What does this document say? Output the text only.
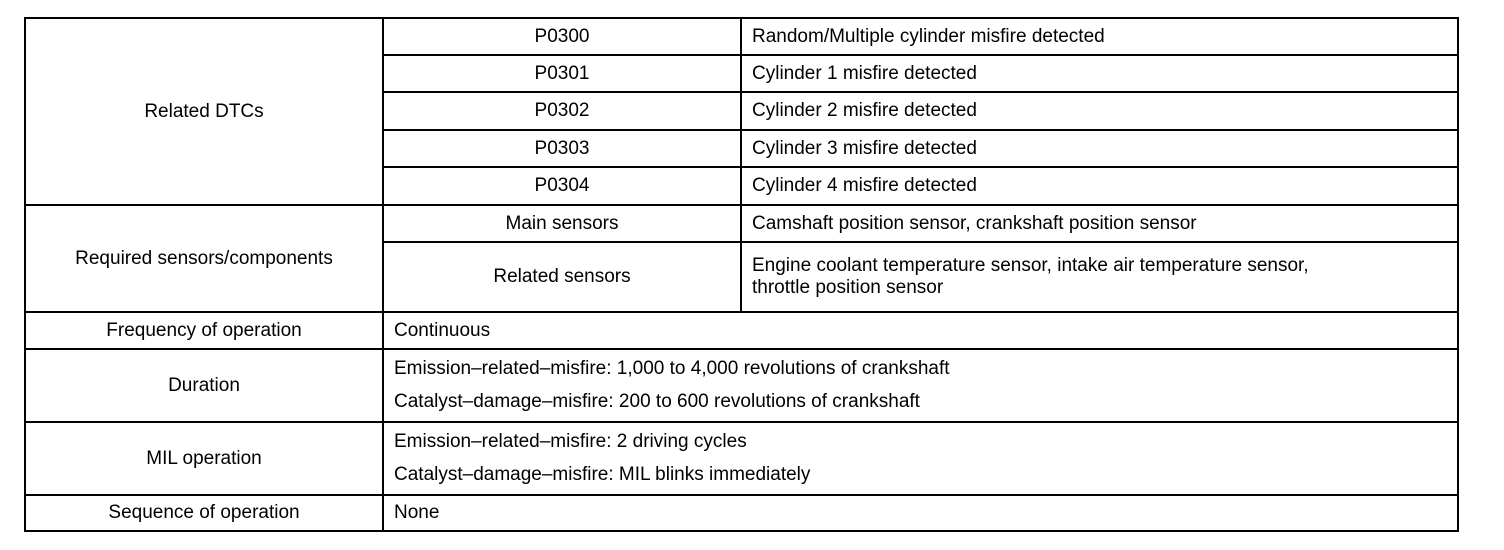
Related DTCs	P0300	Random/Multiple cylinder misfire detected
	P0301	Cylinder 1 misfire detected
	P0302	Cylinder 2 misfire detected
	P0303	Cylinder 3 misfire detected
	P0304	Cylinder 4 misfire detected
Required sensors/components	Main sensors	Camshaft position sensor, crankshaft position sensor
	Related sensors	Engine coolant temperature sensor, intake air temperature sensor,
throttle position sensor

Frequency of operation	Continuous	
Duration	Emission–related–misfire: 1,000 to 4,000 revolutions of crankshaft
Catalyst–damage–misfire: 200 to 600 revolutions of crankshaft	

MIL operation	Emission–related–misfire: 2 driving cycles
Catalyst–damage–misfire: MIL blinks immediately	

Sequence of operation	None	
